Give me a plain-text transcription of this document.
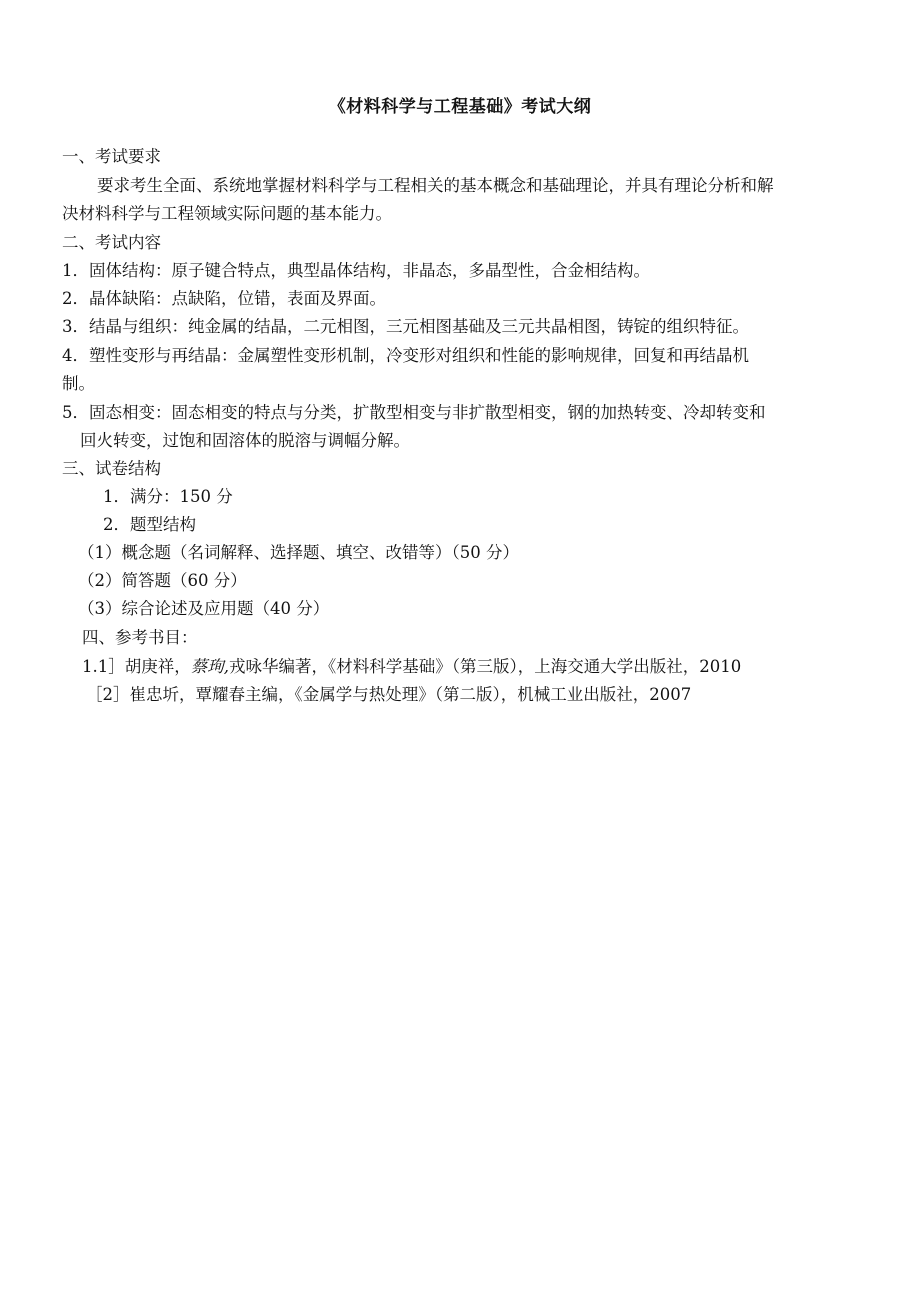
《材料科学与工程基础》考试大纲
一、考试要求
要求考生全面、系统地掌握材料科学与工程相关的基本概念和基础理论，并具有理论分析和解
决材料科学与工程领域实际问题的基本能力。
二、考试内容
1．固体结构：原子键合特点，典型晶体结构，非晶态，多晶型性，合金相结构。
2．晶体缺陷：点缺陷，位错，表面及界面。
3．结晶与组织：纯金属的结晶，二元相图，三元相图基础及三元共晶相图，铸锭的组织特征。
4．塑性变形与再结晶：金属塑性变形机制，冷变形对组织和性能的影响规律，回复和再结晶机
制。
5．固态相变：固态相变的特点与分类，扩散型相变与非扩散型相变，钢的加热转变、冷却转变和
回火转变，过饱和固溶体的脱溶与调幅分解。
三、试卷结构
1．满分：150 分
2．题型结构
（1）概念题（名词解释、选择题、填空、改错等）（50 分）
（2）简答题（60 分）
（3）综合论述及应用题（40 分）
四、参考书目：
1.1］胡庚祥，蔡珣,戎咏华编著，《材料科学基础》（第三版），上海交通大学出版社，2010
［2］崔忠圻，覃耀春主编，《金属学与热处理》（第二版），机械工业出版社，2007
